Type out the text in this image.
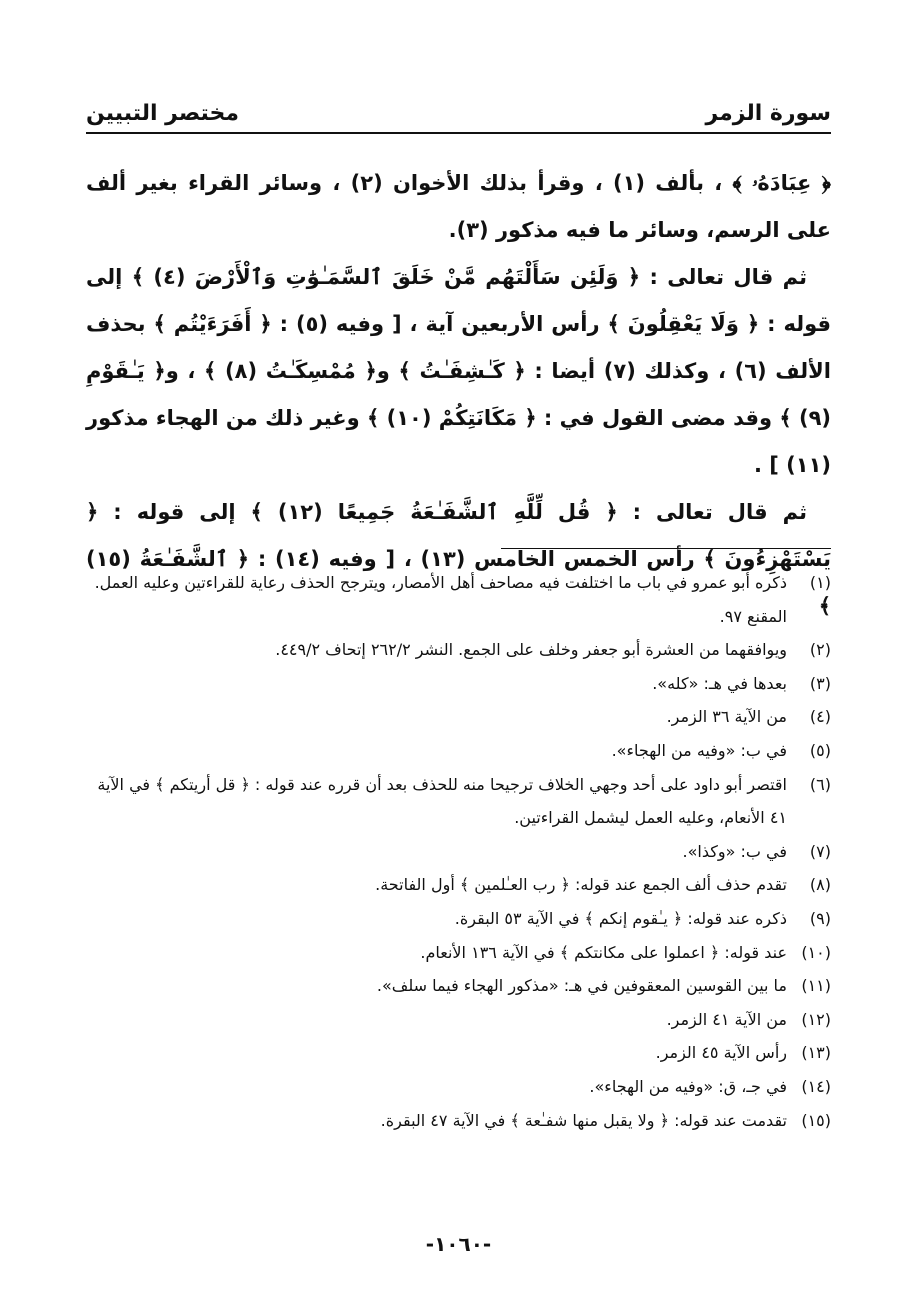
سورة الزمر
مختصر التبيين

﴿ عِبَادَهُۥ ﴾ ، بألف (١) ، وقرأ بذلك الأخوان (٢) ، وسائر القراء بغير ألف على الرسم، وسائر ما فيه مذكور (٣).

ثم قال تعالى : ﴿ وَلَئِن سَأَلْتَهُم مَّنْ خَلَقَ ٱلسَّمَـٰوَٰتِ وَٱلْأَرْضَ (٤) ﴾ إلى قوله : ﴿ وَلَا يَعْقِلُونَ ﴾ رأس الأربعين آية ، [ وفيه (٥) : ﴿ أَفَرَءَيْتُم ﴾ بحذف الألف (٦) ، وكذلك (٧) أيضا : ﴿ كَـٰشِفَـٰتُ ﴾ و﴿ مُمْسِكَـٰتُ (٨) ﴾ ، و﴿ يَـٰقَوْمِ (٩) ﴾ وقد مضى القول في : ﴿ مَكَانَتِكُمْ (١٠) ﴾ وغير ذلك من الهجاء مذكور (١١) ] .

ثم قال تعالى : ﴿ قُل لِّلَّهِ ٱلشَّفَـٰعَةُ جَمِيعًا (١٢) ﴾ إلى قوله : ﴿ يَسْتَهْزِءُونَ ﴾ رأس الخمس الخامس (١٣) ، [ وفيه (١٤) : ﴿ ٱلشَّفَـٰعَةُ (١٥) ﴾

(١)
ذكره أبو عمرو في باب ما اختلفت فيه مصاحف أهل الأمصار، ويترجح الحذف رعاية للقراءتين وعليه العمل. المقنع ٩٧.
(٢)
ويوافقهما من العشرة أبو جعفر وخلف على الجمع. النشر ٢٦٢/٢ إتحاف ٤٤٩/٢.
(٣)
بعدها في هـ: «كله».
(٤)
من الآية ٣٦ الزمر.
(٥)
في ب: «وفيه من الهجاء».
(٦)
اقتصر أبو داود على أحد وجهي الخلاف ترجيحا منه للحذف بعد أن قرره عند قوله : ﴿ قل أريتكم ﴾ في الآية ٤١ الأنعام، وعليه العمل ليشمل القراءتين.
(٧)
في ب: «وكذا».
(٨)
تقدم حذف ألف الجمع عند قوله: ﴿ رب العـٰلمين ﴾ أول الفاتحة.
(٩)
ذكره عند قوله: ﴿ يـٰقوم إنكم ﴾ في الآية ٥٣ البقرة.
(١٠)
عند قوله: ﴿ اعملوا على مكانتكم ﴾ في الآية ١٣٦ الأنعام.
(١١)
ما بين القوسين المعقوفين في هـ: «مذكور الهجاء فيما سلف».
(١٢)
من الآية ٤١ الزمر.
(١٣)
رأس الآية ٤٥ الزمر.
(١٤)
في جـ، ق: «وفيه من الهجاء».
(١٥)
تقدمت عند قوله: ﴿ ولا يقبل منها شفـٰعة ﴾ في الآية ٤٧ البقرة.
-١٠٦٠-
